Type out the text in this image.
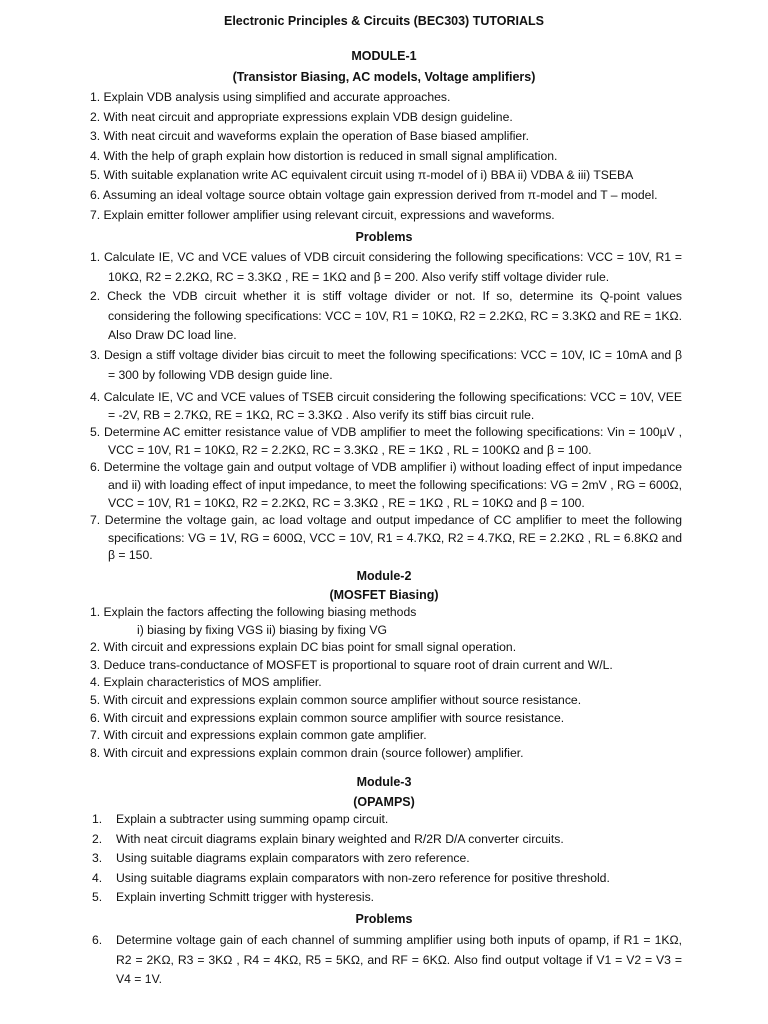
Electronic Principles & Circuits (BEC303) TUTORIALS
MODULE-1
(Transistor Biasing, AC models, Voltage amplifiers)
1. Explain VDB analysis using simplified and accurate approaches.
2. With neat circuit and appropriate expressions explain VDB design guideline.
3. With neat circuit and waveforms explain the operation of Base biased amplifier.
4. With the help of graph explain how distortion is reduced in small signal amplification.
5. With suitable explanation write AC equivalent circuit using π-model of i) BBA ii) VDBA & iii) TSEBA
6. Assuming an ideal voltage source obtain voltage gain expression derived from π-model and T – model.
7. Explain emitter follower amplifier using relevant circuit, expressions and waveforms.
Problems
1. Calculate IE, VC and VCE values of VDB circuit considering the following specifications: VCC = 10V, R1 = 10KΩ, R2 = 2.2KΩ, RC = 3.3KΩ , RE = 1KΩ and β = 200. Also verify stiff voltage divider rule.
2. Check the VDB circuit whether it is stiff voltage divider or not. If so, determine its Q-point values considering the following specifications: VCC = 10V, R1 = 10KΩ, R2 = 2.2KΩ, RC = 3.3KΩ and RE = 1KΩ. Also Draw DC load line.
3. Design a stiff voltage divider bias circuit to meet the following specifications: VCC = 10V, IC = 10mA and β = 300 by following VDB design guide line.
4. Calculate IE, VC and VCE values of TSEB circuit considering the following specifications: VCC = 10V, VEE = -2V, RB = 2.7KΩ, RE = 1KΩ, RC = 3.3KΩ . Also verify its stiff bias circuit rule.
5. Determine AC emitter resistance value of VDB amplifier to meet the following specifications: Vin = 100µV , VCC = 10V, R1 = 10KΩ, R2 = 2.2KΩ, RC = 3.3KΩ , RE = 1KΩ , RL = 100KΩ and β = 100.
6. Determine the voltage gain and output voltage of VDB amplifier i) without loading effect of input impedance and ii) with loading effect of input impedance, to meet the following specifications: VG = 2mV , RG = 600Ω, VCC = 10V, R1 = 10KΩ, R2 = 2.2KΩ, RC = 3.3KΩ , RE = 1KΩ , RL = 10KΩ and β = 100.
7. Determine the voltage gain, ac load voltage and output impedance of CC amplifier to meet the following specifications: VG = 1V, RG = 600Ω, VCC = 10V, R1 = 4.7KΩ, R2 = 4.7KΩ, RE = 2.2KΩ , RL = 6.8KΩ and β = 150.
Module-2
(MOSFET Biasing)
1. Explain the factors affecting the following biasing methods
i) biasing by fixing VGS ii) biasing by fixing VG
2. With circuit and expressions explain DC bias point for small signal operation.
3. Deduce trans-conductance of MOSFET is proportional to square root of drain current and W/L.
4. Explain characteristics of MOS amplifier.
5. With circuit and expressions explain common source amplifier without source resistance.
6. With circuit and expressions explain common source amplifier with source resistance.
7. With circuit and expressions explain common gate amplifier.
8. With circuit and expressions explain common drain (source follower) amplifier.
Module-3
(OPAMPS)
1. Explain a subtracter using summing opamp circuit.
2. With neat circuit diagrams explain binary weighted and R/2R D/A converter circuits.
3. Using suitable diagrams explain comparators with zero reference.
4. Using suitable diagrams explain comparators with non-zero reference for positive threshold.
5. Explain inverting Schmitt trigger with hysteresis.
Problems
6. Determine voltage gain of each channel of summing amplifier using both inputs of opamp, if R1 = 1KΩ, R2 = 2KΩ, R3 = 3KΩ , R4 = 4KΩ, R5 = 5KΩ, and RF = 6KΩ. Also find output voltage if V1 = V2 = V3 = V4 = 1V.
